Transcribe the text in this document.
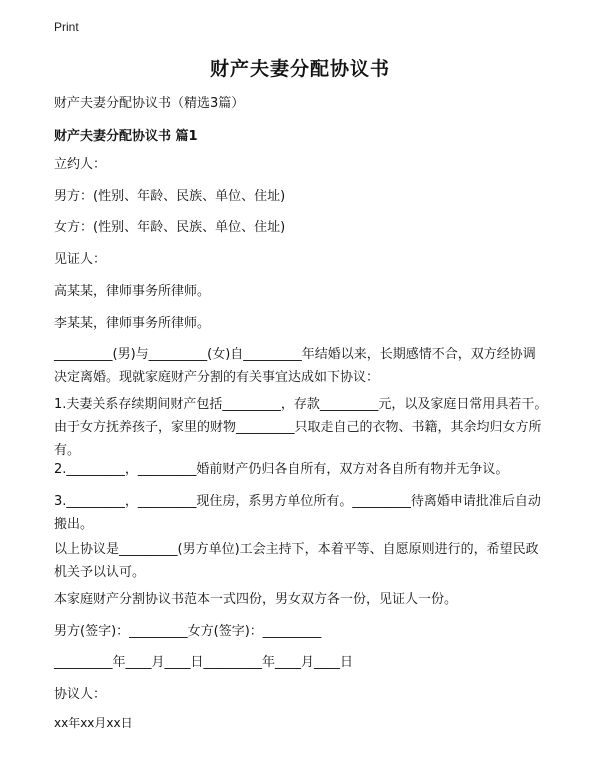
Print
财产夫妻分配协议书
财产夫妻分配协议书（精选3篇）
财产夫妻分配协议书 篇1
立约人：
男方：(性别、年龄、民族、单位、住址)
女方：(性别、年龄、民族、单位、住址)
见证人：
高某某，律师事务所律师。
李某某，律师事务所律师。
_________(男)与_________(女)自_________年结婚以来，长期感情不合，双方经协调决定离婚。现就家庭财产分割的有关事宜达成如下协议：
1.夫妻关系存续期间财产包括_________，存款_________元，以及家庭日常用具若干。由于女方抚养孩子，家里的财物_________只取走自己的衣物、书籍，其余均归女方所有。
2._________，_________婚前财产仍归各自所有，双方对各自所有物并无争议。
3._________，_________现住房，系男方单位所有。_________待离婚申请批准后自动搬出。
以上协议是_________(男方单位)工会主持下，本着平等、自愿原则进行的，希望民政机关予以认可。
本家庭财产分割协议书范本一式四份，男女双方各一份，见证人一份。
男方(签字)：_________女方(签字)：_________
_________年____月____日_________年____月____日
协议人：
xx年xx月xx日
